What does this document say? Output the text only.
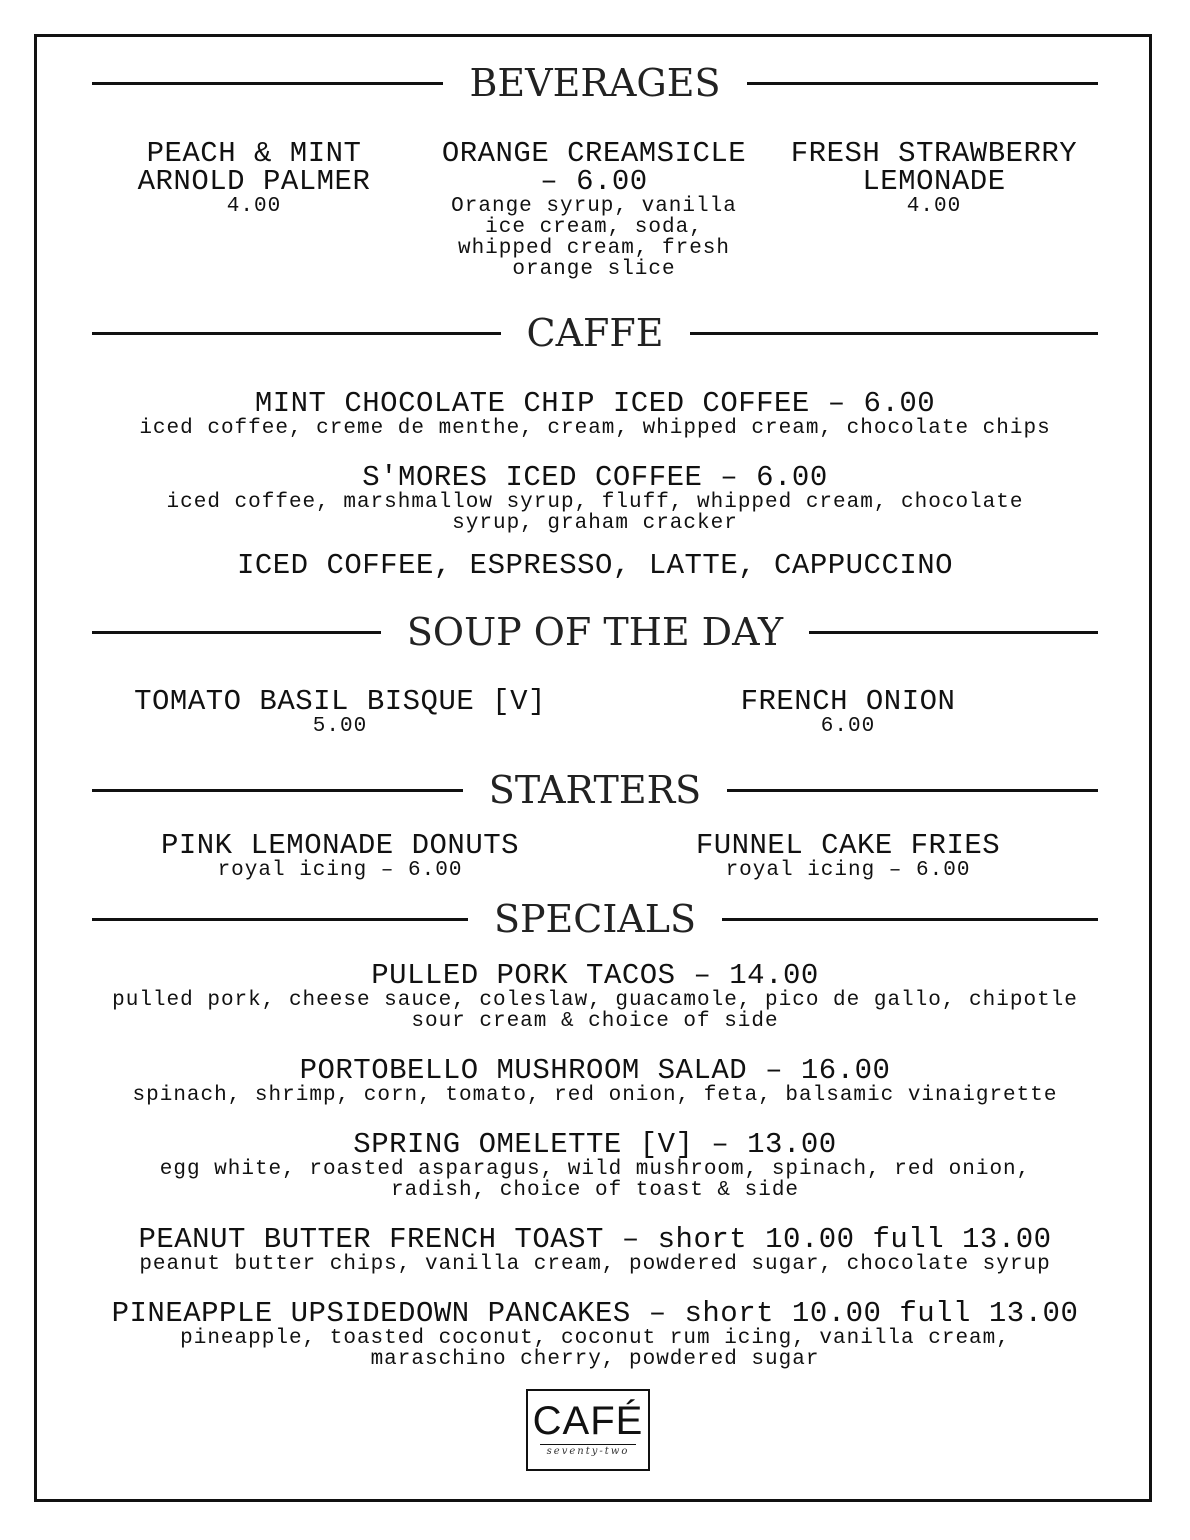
BEVERAGES
PEACH & MINT ARNOLD PALMER
4.00
ORANGE CREAMSICLE – 6.00
Orange syrup, vanilla ice cream, soda, whipped cream, fresh orange slice
FRESH STRAWBERRY LEMONADE
4.00
CAFFE
MINT CHOCOLATE CHIP ICED COFFEE – 6.00
iced coffee, creme de menthe, cream, whipped cream, chocolate chips
S'MORES ICED COFFEE – 6.00
iced coffee, marshmallow syrup, fluff, whipped cream, chocolate syrup, graham cracker
ICED COFFEE, ESPRESSO, LATTE, CAPPUCCINO
SOUP OF THE DAY
TOMATO BASIL BISQUE [V]
5.00
FRENCH ONION
6.00
STARTERS
PINK LEMONADE DONUTS
royal icing – 6.00
FUNNEL CAKE FRIES
royal icing – 6.00
SPECIALS
PULLED PORK TACOS – 14.00
pulled pork, cheese sauce, coleslaw, guacamole, pico de gallo, chipotle sour cream & choice of side
PORTOBELLO MUSHROOM SALAD – 16.00
spinach, shrimp, corn, tomato, red onion, feta, balsamic vinaigrette
SPRING OMELETTE [V] – 13.00
egg white, roasted asparagus, wild mushroom, spinach, red onion, radish, choice of toast & side
PEANUT BUTTER FRENCH TOAST – short 10.00 full 13.00
peanut butter chips, vanilla cream, powdered sugar, chocolate syrup
PINEAPPLE UPSIDEDOWN PANCAKES – short 10.00 full 13.00
pineapple, toasted coconut, coconut rum icing, vanilla cream, maraschino cherry, powdered sugar
CAFÉ
seventy-two
